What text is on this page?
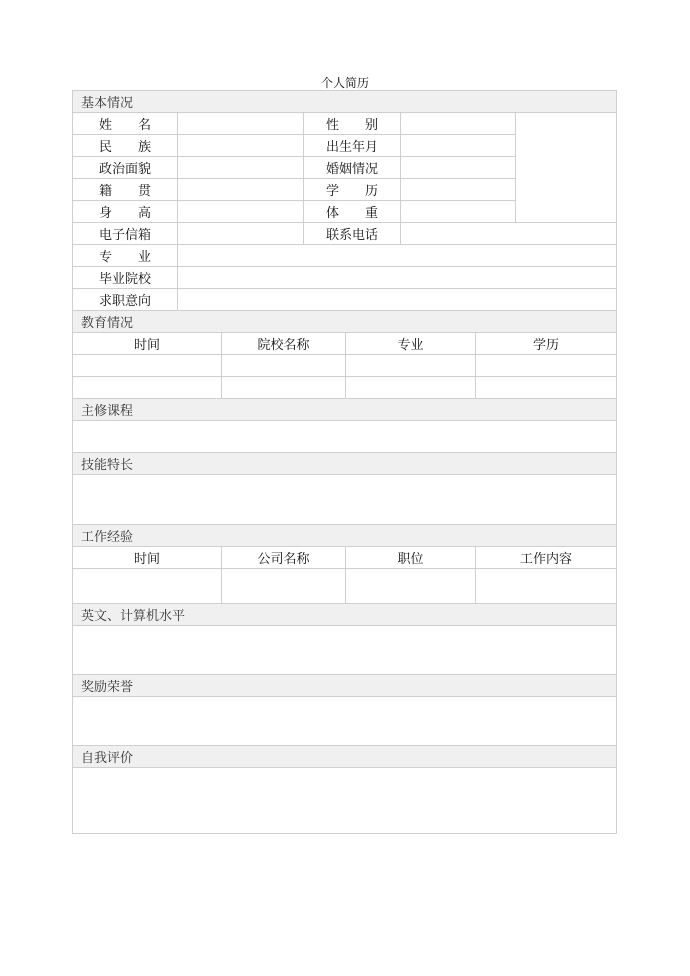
个人简历
基本情况							
姓　　名			性　　别				
民　　族			出生年月				
政治面貌			婚姻情况				
籍　　贯			学　　历				
身　　高			体　　重				
电子信箱			联系电话				
专　　业							
毕业院校							
求职意向							
教育情况							
时间		院校名称		专业		学历	

主修课程							

技能特长							

工作经验							
时间		公司名称		职位		工作内容	

英文、计算机水平							

奖励荣誉							

自我评价							
